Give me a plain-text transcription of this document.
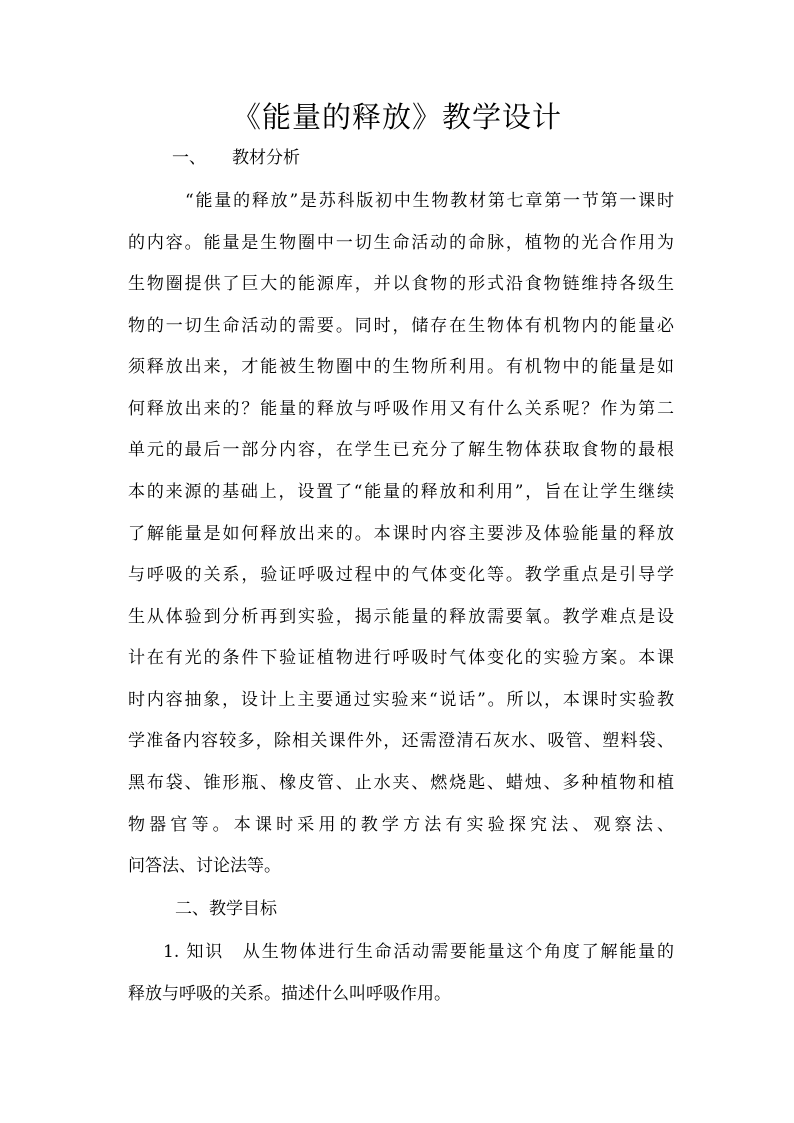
《能量的释放》教学设计
一、 教材分析
“能量的释放”是苏科版初中生物教材第七章第一节第一课时
的内容。能量是生物圈中一切生命活动的命脉，植物的光合作用为
生物圈提供了巨大的能源库，并以食物的形式沿食物链维持各级生
物的一切生命活动的需要。同时，储存在生物体有机物内的能量必
须释放出来，才能被生物圈中的生物所利用。有机物中的能量是如
何释放出来的？能量的释放与呼吸作用又有什么关系呢？作为第二
单元的最后一部分内容，在学生已充分了解生物体获取食物的最根
本的来源的基础上，设置了“能量的释放和利用”，旨在让学生继续
了解能量是如何释放出来的。本课时内容主要涉及体验能量的释放
与呼吸的关系，验证呼吸过程中的气体变化等。教学重点是引导学
生从体验到分析再到实验，揭示能量的释放需要氧。教学难点是设
计在有光的条件下验证植物进行呼吸时气体变化的实验方案。本课
时内容抽象，设计上主要通过实验来“说话”。所以，本课时实验教
学准备内容较多，除相关课件外，还需澄清石灰水、吸管、塑料袋、
黑布袋、锥形瓶、橡皮管、止水夹、燃烧匙、蜡烛、多种植物和植
物器官等。本课时采用的教学方法有实验探究法、观察法、
问答法、讨论法等。
二、教学目标
1. 知识　从生物体进行生命活动需要能量这个角度了解能量的
释放与呼吸的关系。描述什么叫呼吸作用。
